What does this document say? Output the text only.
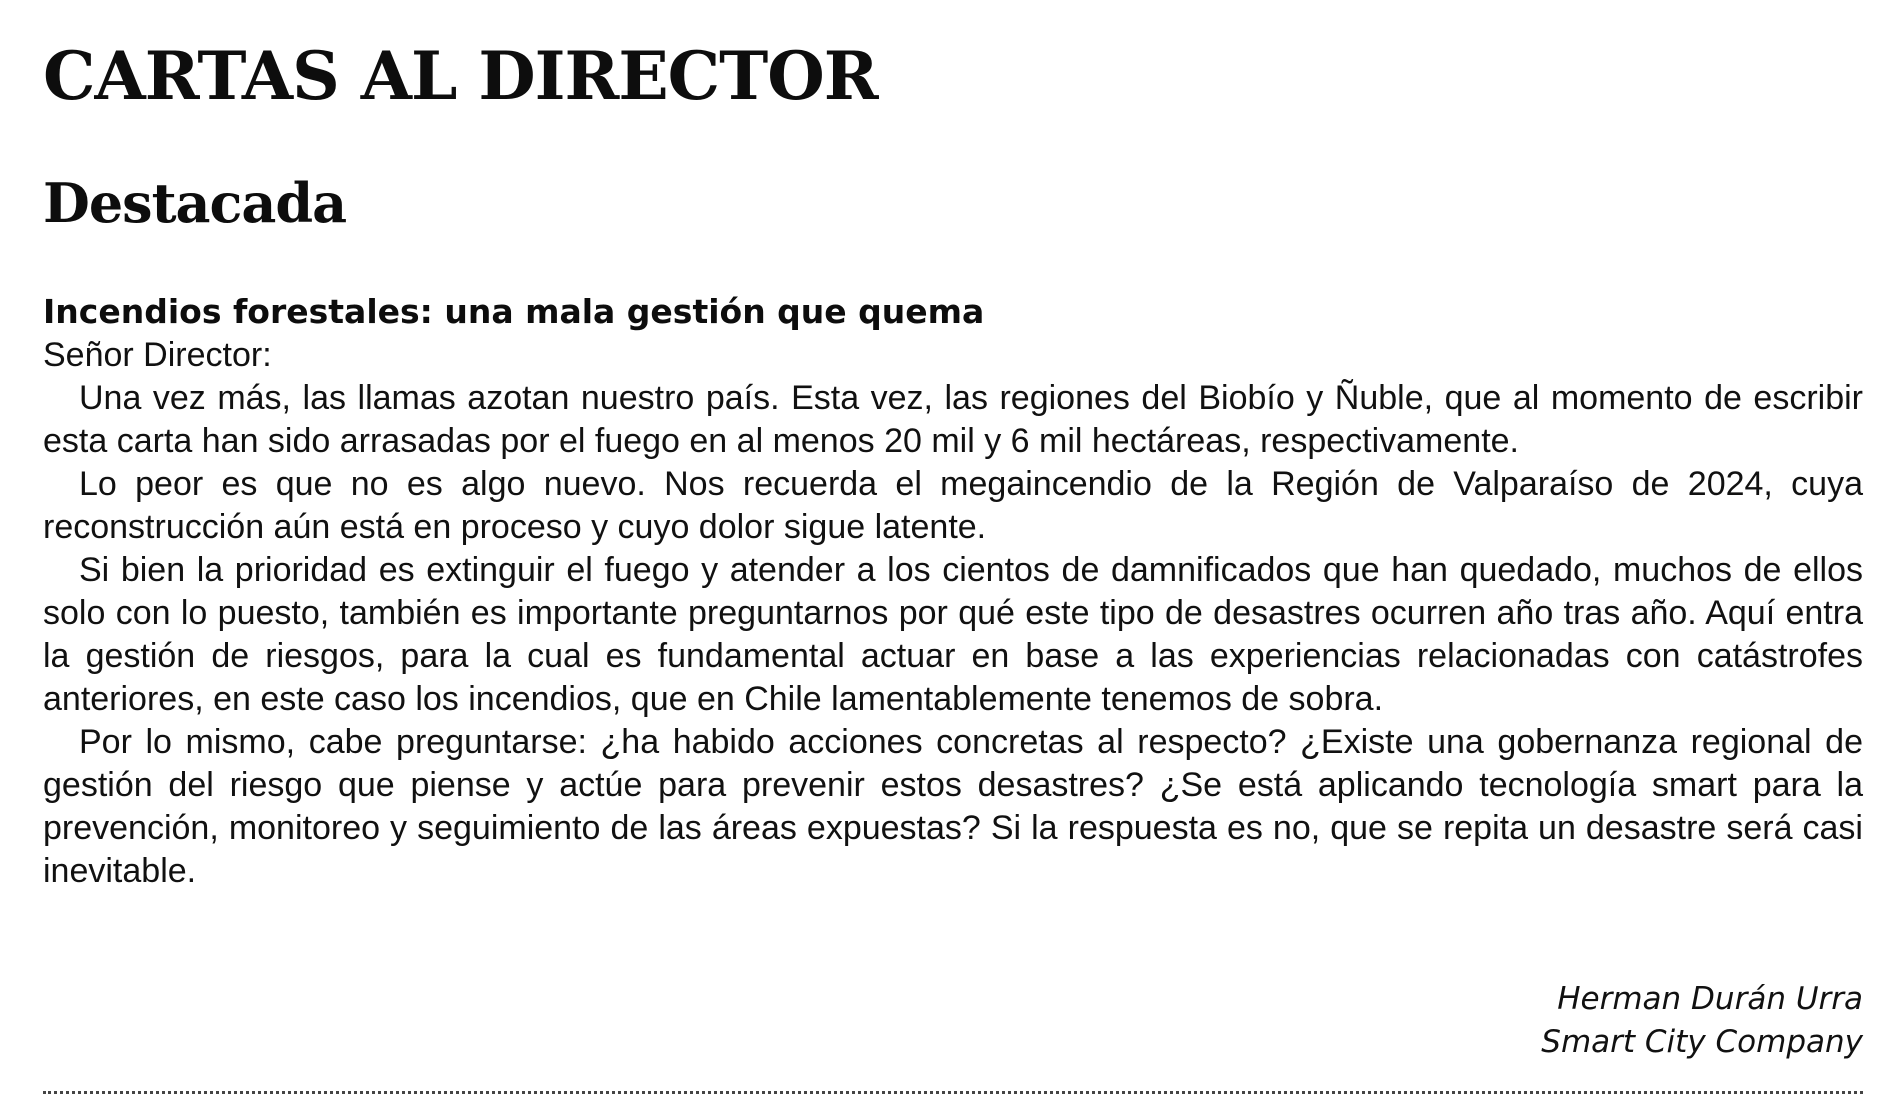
CARTAS AL DIRECTOR
Destacada
Incendios forestales: una mala gestión que quema

Señor Director:

Una vez más, las llamas azotan nuestro país. Esta vez, las regiones del Biobío y Ñuble, que al momento de escribir esta carta han sido arrasadas por el fuego en al menos 20 mil y 6 mil hectáreas, respectivamente.

Lo peor es que no es algo nuevo. Nos recuerda el megaincendio de la Región de Valparaíso de 2024, cuya reconstrucción aún está en proceso y cuyo dolor sigue latente.

Si bien la prioridad es extinguir el fuego y atender a los cientos de damnificados que han quedado, muchos de ellos solo con lo puesto, también es importante preguntarnos por qué este tipo de desastres ocurren año tras año. Aquí entra la gestión de riesgos, para la cual es fundamental actuar en base a las experiencias relacionadas con catástrofes anteriores, en este caso los incendios, que en Chile lamentablemente tenemos de sobra.

Por lo mismo, cabe preguntarse: ¿ha habido acciones concretas al respecto? ¿Existe una gobernanza regional de gestión del riesgo que piense y actúe para prevenir estos desastres? ¿Se está aplicando tecnología smart para la prevención, monitoreo y seguimiento de las áreas expuestas? Si la respuesta es no, que se repita un desastre será casi inevitable.

Herman Durán Urra
Smart City Company
